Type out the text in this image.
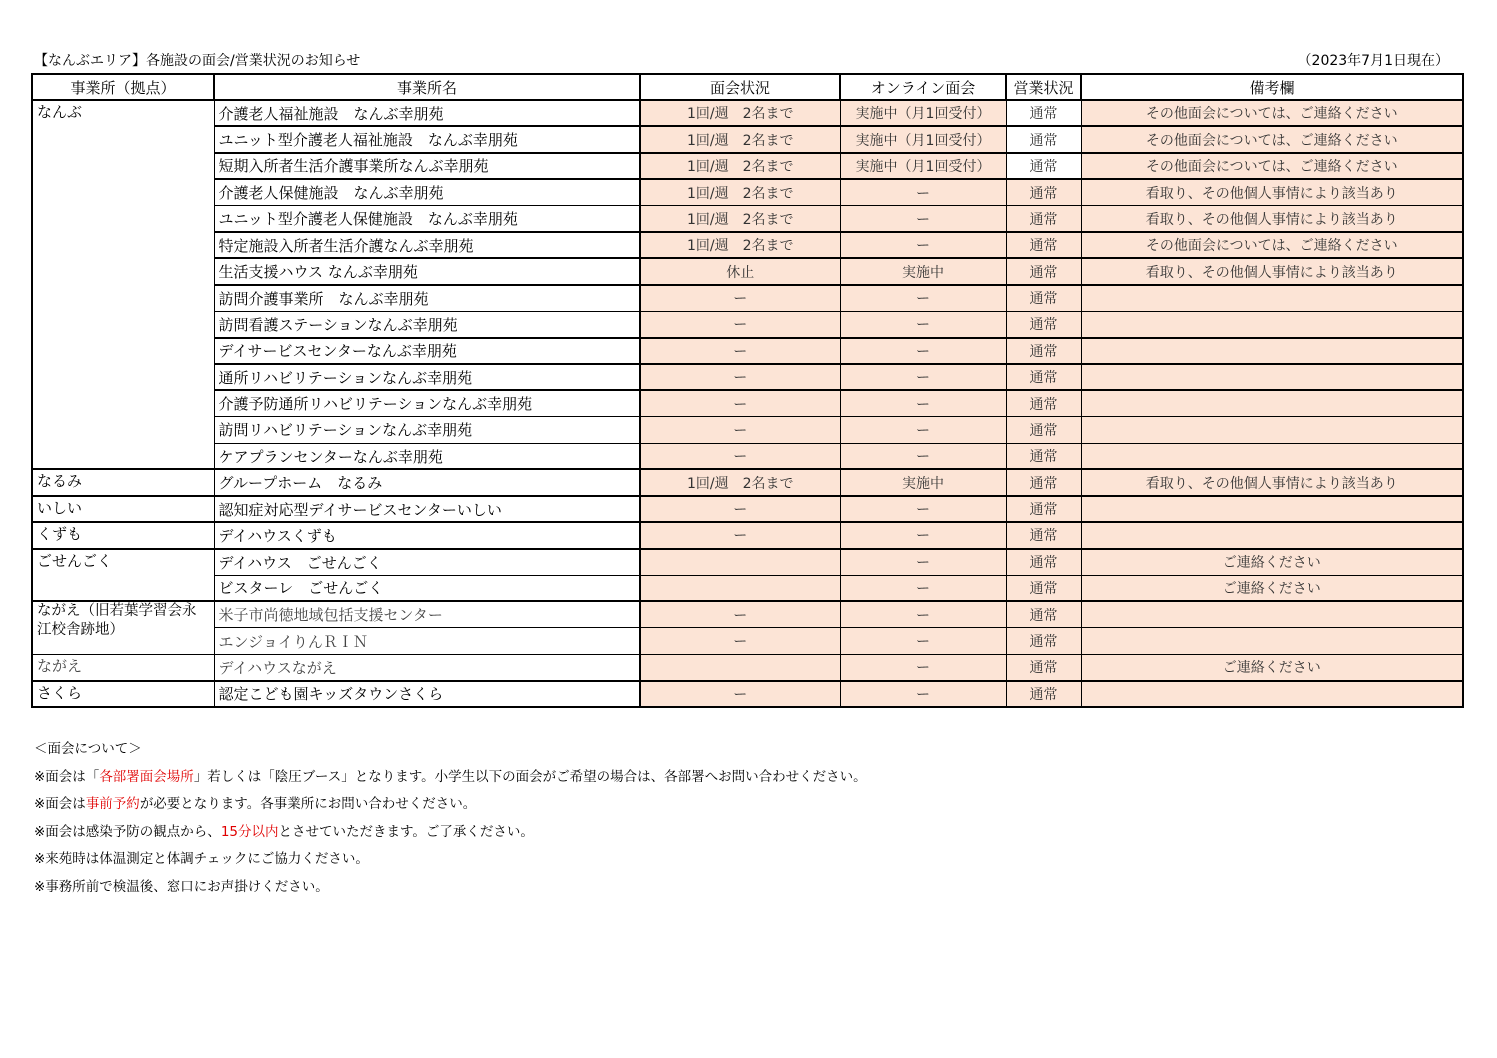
【なんぶエリア】各施設の面会/営業状況のお知らせ	（2023年7月1日現在）
事業所（拠点）	事業所名	面会状況	オンライン面会	営業状況	備考欄
なんぶ	介護老人福祉施設　なんぶ幸朋苑	1回/週　2名まで	実施中（月1回受付）	通常	その他面会については、ご連絡ください
	ユニット型介護老人福祉施設　なんぶ幸朋苑	1回/週　2名まで	実施中（月1回受付）	通常	その他面会については、ご連絡ください
	短期入所者生活介護事業所なんぶ幸朋苑	1回/週　2名まで	実施中（月1回受付）	通常	その他面会については、ご連絡ください
	介護老人保健施設　なんぶ幸朋苑	1回/週　2名まで	ー	通常	看取り、その他個人事情により該当あり
	ユニット型介護老人保健施設　なんぶ幸朋苑	1回/週　2名まで	ー	通常	看取り、その他個人事情により該当あり
	特定施設入所者生活介護なんぶ幸朋苑	1回/週　2名まで	ー	通常	その他面会については、ご連絡ください
	生活支援ハウス なんぶ幸朋苑	休止	実施中	通常	看取り、その他個人事情により該当あり
	訪問介護事業所　なんぶ幸朋苑	ー	ー	通常	
	訪問看護ステーションなんぶ幸朋苑	ー	ー	通常	
	デイサービスセンターなんぶ幸朋苑	ー	ー	通常	
	通所リハビリテーションなんぶ幸朋苑	ー	ー	通常	
	介護予防通所リハビリテーションなんぶ幸朋苑	ー	ー	通常	
	訪問リハビリテーションなんぶ幸朋苑	ー	ー	通常	
	ケアプランセンターなんぶ幸朋苑	ー	ー	通常	
なるみ	グループホーム　なるみ	1回/週　2名まで	実施中	通常	看取り、その他個人事情により該当あり
いしい	認知症対応型デイサービスセンターいしい	ー	ー	通常	
くずも	デイハウスくずも	ー	ー	通常	
ごせんごく	デイハウス　ごせんごく		ー	通常	ご連絡ください
	ビスターレ　ごせんごく		ー	通常	ご連絡ください
ながえ（旧若葉学習会永江校舎跡地）	米子市尚徳地域包括支援センター	ー	ー	通常	
	エンジョイりんＲＩＮ	ー	ー	通常	
ながえ	デイハウスながえ		ー	通常	ご連絡ください
さくら	認定こども園キッズタウンさくら	ー	ー	通常	
＜面会について＞
※面会は「各部署面会場所」若しくは「陰圧ブース」となります。小学生以下の面会がご希望の場合は、各部署へお問い合わせください。
※面会は事前予約が必要となります。各事業所にお問い合わせください。
※面会は感染予防の観点から、15分以内とさせていただきます。ご了承ください。
※来苑時は体温測定と体調チェックにご協力ください。
※事務所前で検温後、窓口にお声掛けください。
